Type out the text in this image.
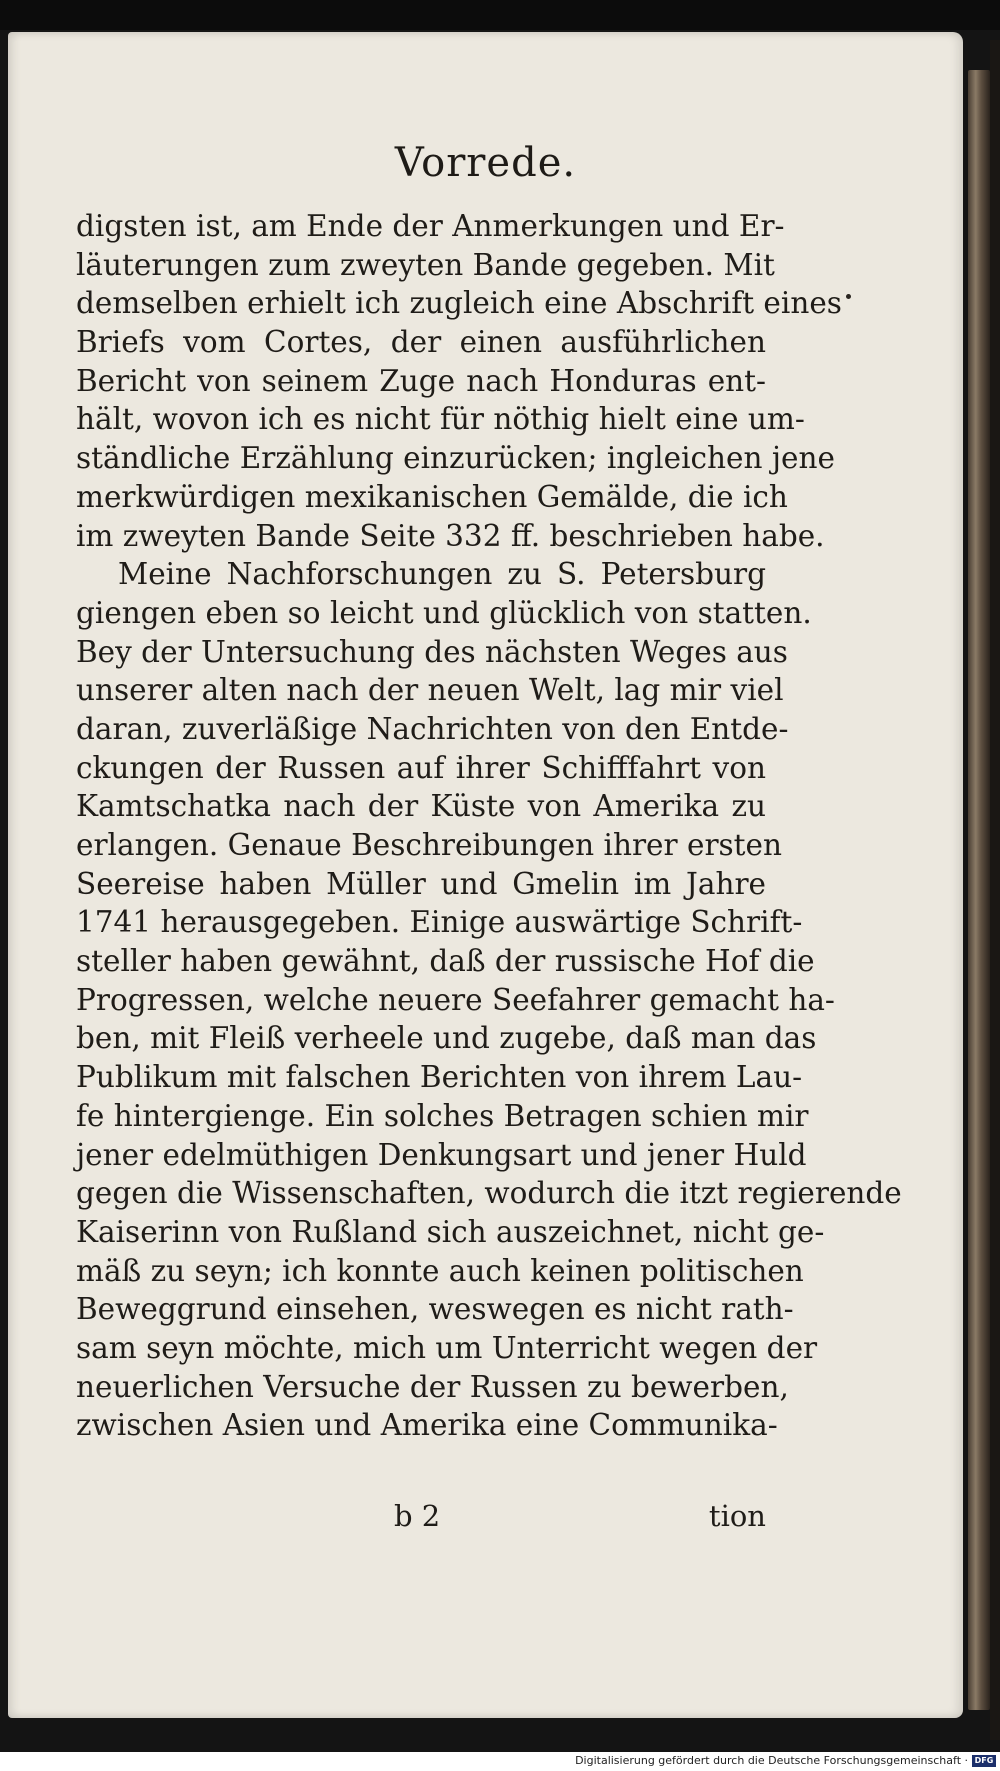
Vorrede.
digsten ist, am Ende der Anmerkungen und Er-
läuterungen zum zweyten Bande gegeben. Mit
demselben erhielt ich zugleich eine Abschrift eines
Briefs vom Cortes, der einen ausführlichen
Bericht von seinem Zuge nach Honduras ent-
hält, wovon ich es nicht für nöthig hielt eine um-
ständliche Erzählung einzurücken; ingleichen jene
merkwürdigen mexikanischen Gemälde, die ich
im zweyten Bande Seite 332 ff. beschrieben habe.
Meine Nachforschungen zu S. Petersburg
giengen eben so leicht und glücklich von statten.
Bey der Untersuchung des nächsten Weges aus
unserer alten nach der neuen Welt, lag mir viel
daran, zuverläßige Nachrichten von den Entde-
ckungen der Russen auf ihrer Schifffahrt von
Kamtschatka nach der Küste von Amerika zu
erlangen. Genaue Beschreibungen ihrer ersten
Seereise haben Müller und Gmelin im Jahre
1741 herausgegeben. Einige auswärtige Schrift-
steller haben gewähnt, daß der russische Hof die
Progressen, welche neuere Seefahrer gemacht ha-
ben, mit Fleiß verheele und zugebe, daß man das
Publikum mit falschen Berichten von ihrem Lau-
fe hintergienge. Ein solches Betragen schien mir
jener edelmüthigen Denkungsart und jener Huld
gegen die Wissenschaften, wodurch die itzt regierende
Kaiserinn von Rußland sich auszeichnet, nicht ge-
mäß zu seyn; ich konnte auch keinen politischen
Beweggrund einsehen, weswegen es nicht rath-
sam seyn möchte, mich um Unterricht wegen der
neuerlichen Versuche der Russen zu bewerben,
zwischen Asien und Amerika eine Communika-
b 2	tion
Digitalisierung gefördert durch die Deutsche Forschungsgemeinschaft · DFG
